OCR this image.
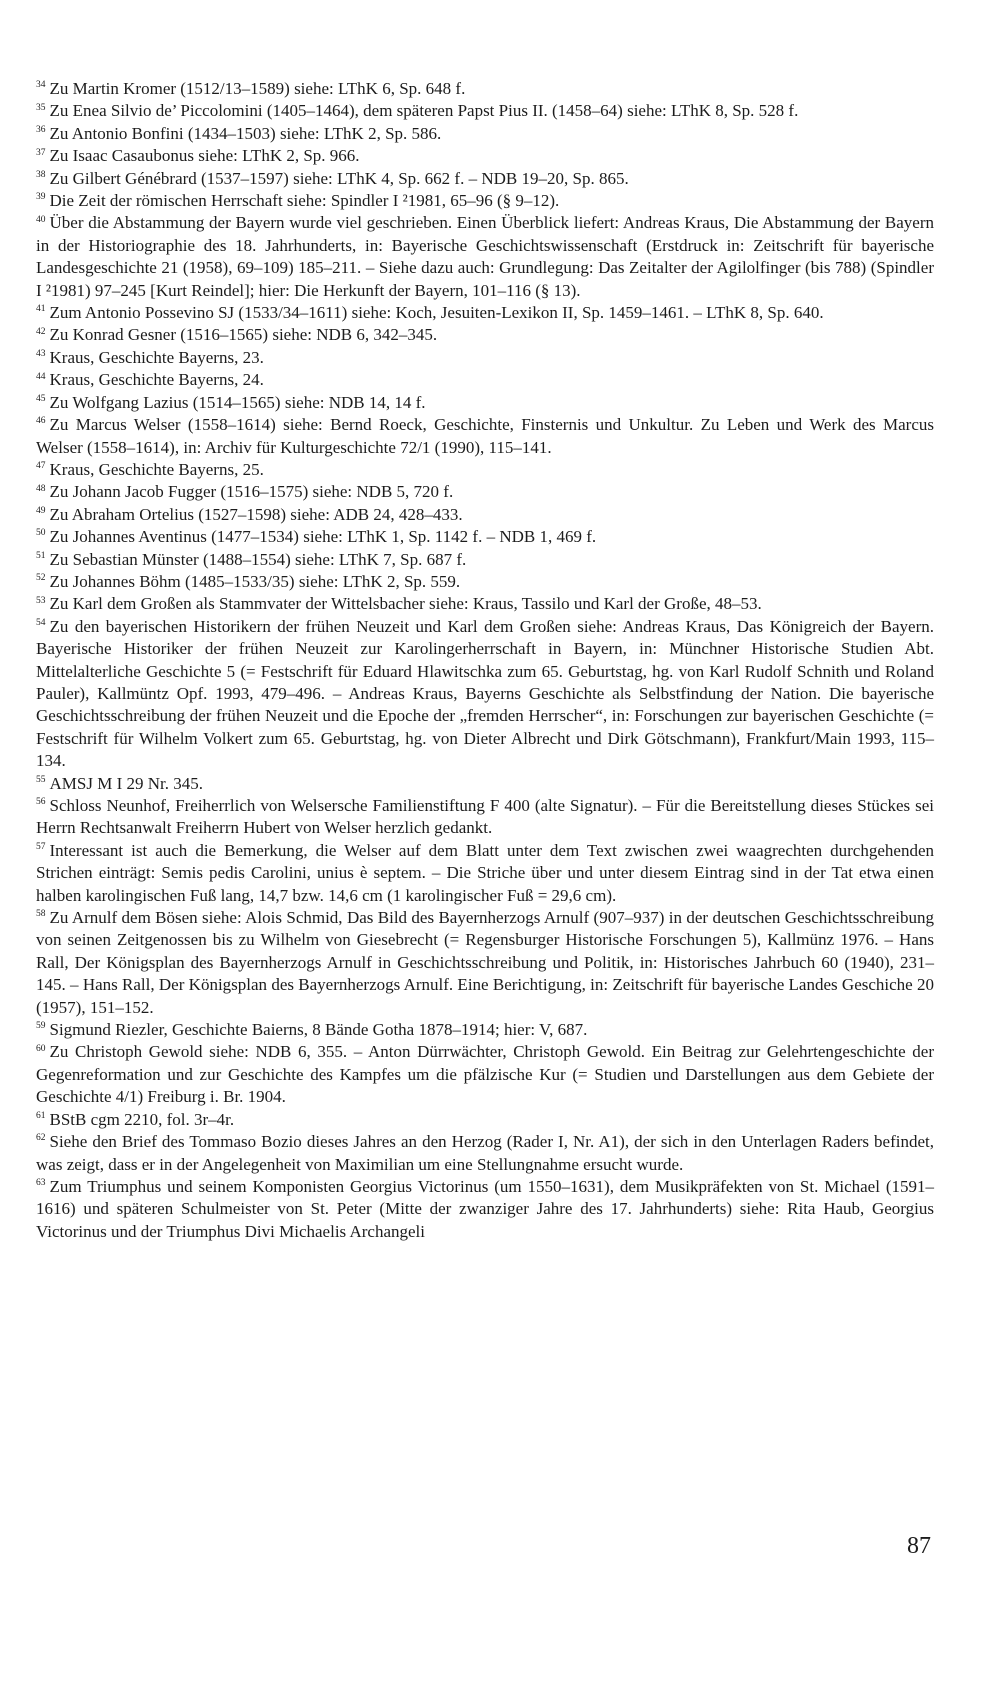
$^{34}$ Zu Martin Kromer (1512/13–1589) siehe: LThK 6, Sp. 648 f.

$^{35}$ Zu Enea Silvio de’ Piccolomini (1405–1464), dem späteren Papst Pius II. (1458–64) siehe: LThK 8, Sp. 528 f.

$^{36}$ Zu Antonio Bonfini (1434–1503) siehe: LThK 2, Sp. 586.

$^{37}$ Zu Isaac Casaubonus siehe: LThK 2, Sp. 966.

$^{38}$ Zu Gilbert Génébrard (1537–1597) siehe: LThK 4, Sp. 662 f. – NDB 19–20, Sp. 865.

$^{39}$ Die Zeit der römischen Herrschaft siehe: Spindler I ²1981, 65–96 (§ 9–12).

$^{40}$ Über die Abstammung der Bayern wurde viel geschrieben. Einen Überblick liefert: Andreas Kraus, Die Abstammung der Bayern in der Historiographie des 18. Jahrhunderts, in: Bayerische Geschichtswissenschaft (Erstdruck in: Zeitschrift für bayerische Landesgeschichte 21 (1958), 69–109) 185–211. – Siehe dazu auch: Grundlegung: Das Zeitalter der Agilolfinger (bis 788) (Spindler I ²1981) 97–245 [Kurt Reindel]; hier: Die Herkunft der Bayern, 101–116 (§ 13).

$^{41}$ Zum Antonio Possevino SJ (1533/34–1611) siehe: Koch, Jesuiten-Lexikon II, Sp. 1459–1461. – LThK 8, Sp. 640.

$^{42}$ Zu Konrad Gesner (1516–1565) siehe: NDB 6, 342–345.

$^{43}$ Kraus, Geschichte Bayerns, 23.

$^{44}$ Kraus, Geschichte Bayerns, 24.

$^{45}$ Zu Wolfgang Lazius (1514–1565) siehe: NDB 14, 14 f.

$^{46}$ Zu Marcus Welser (1558–1614) siehe: Bernd Roeck, Geschichte, Finsternis und Unkultur. Zu Leben und Werk des Marcus Welser (1558–1614), in: Archiv für Kulturgeschichte 72/1 (1990), 115–141.

$^{47}$ Kraus, Geschichte Bayerns, 25.

$^{48}$ Zu Johann Jacob Fugger (1516–1575) siehe: NDB 5, 720 f.

$^{49}$ Zu Abraham Ortelius (1527–1598) siehe: ADB 24, 428–433.

$^{50}$ Zu Johannes Aventinus (1477–1534) siehe: LThK 1, Sp. 1142 f. – NDB 1, 469 f.

$^{51}$ Zu Sebastian Münster (1488–1554) siehe: LThK 7, Sp. 687 f.

$^{52}$ Zu Johannes Böhm (1485–1533/35) siehe: LThK 2, Sp. 559.

$^{53}$ Zu Karl dem Großen als Stammvater der Wittelsbacher siehe: Kraus, Tassilo und Karl der Große, 48–53.

$^{54}$ Zu den bayerischen Historikern der frühen Neuzeit und Karl dem Großen siehe: Andreas Kraus, Das Königreich der Bayern. Bayerische Historiker der frühen Neuzeit zur Karolingerherrschaft in Bayern, in: Münchner Historische Studien Abt. Mittelalterliche Geschichte 5 (= Festschrift für Eduard Hlawitschka zum 65. Geburtstag, hg. von Karl Rudolf Schnith und Roland Pauler), Kallmüntz Opf. 1993, 479–496. – Andreas Kraus, Bayerns Geschichte als Selbstfindung der Nation. Die bayerische Geschichtsschreibung der frühen Neuzeit und die Epoche der „fremden Herrscher“, in: Forschungen zur bayerischen Geschichte (= Festschrift für Wilhelm Volkert zum 65. Geburtstag, hg. von Dieter Albrecht und Dirk Götschmann), Frankfurt/Main 1993, 115–134.

$^{55}$ AMSJ M I 29 Nr. 345.

$^{56}$ Schloss Neunhof, Freiherrlich von Welsersche Familienstiftung F 400 (alte Signatur). – Für die Bereitstellung dieses Stückes sei Herrn Rechtsanwalt Freiherrn Hubert von Welser herzlich gedankt.

$^{57}$ Interessant ist auch die Bemerkung, die Welser auf dem Blatt unter dem Text zwischen zwei waagrechten durchgehenden Strichen einträgt: Semis pedis Carolini, unius è septem. – Die Striche über und unter diesem Eintrag sind in der Tat etwa einen halben karolingischen Fuß lang, 14,7 bzw. 14,6 cm (1 karolingischer Fuß = 29,6 cm).

$^{58}$ Zu Arnulf dem Bösen siehe: Alois Schmid, Das Bild des Bayernherzogs Arnulf (907–937) in der deutschen Geschichtsschreibung von seinen Zeitgenossen bis zu Wilhelm von Giesebrecht (= Regensburger Historische Forschungen 5), Kallmünz 1976. – Hans Rall, Der Königsplan des Bayernherzogs Arnulf in Geschichtsschreibung und Politik, in: Historisches Jahrbuch 60 (1940), 231–145. – Hans Rall, Der Königsplan des Bayernherzogs Arnulf. Eine Berichtigung, in: Zeitschrift für bayerische Landes Geschiche 20 (1957), 151–152.

$^{59}$ Sigmund Riezler, Geschichte Baierns, 8 Bände Gotha 1878–1914; hier: V, 687.

$^{60}$ Zu Christoph Gewold siehe: NDB 6, 355. – Anton Dürrwächter, Christoph Gewold. Ein Beitrag zur Gelehrtengeschichte der Gegenreformation und zur Geschichte des Kampfes um die pfälzische Kur (= Studien und Darstellungen aus dem Gebiete der Geschichte 4/1) Freiburg i. Br. 1904.

$^{61}$ BStB cgm 2210, fol. 3r–4r.

$^{62}$ Siehe den Brief des Tommaso Bozio dieses Jahres an den Herzog (Rader I, Nr. A1), der sich in den Unterlagen Raders befindet, was zeigt, dass er in der Angelegenheit von Maximilian um eine Stellungnahme ersucht wurde.

$^{63}$ Zum Triumphus und seinem Komponisten Georgius Victorinus (um 1550–1631), dem Musikpräfekten von St. Michael (1591–1616) und späteren Schulmeister von St. Peter (Mitte der zwanziger Jahre des 17. Jahrhunderts) siehe: Rita Haub, Georgius Victorinus und der Triumphus Divi Michaelis Archangeli

87
